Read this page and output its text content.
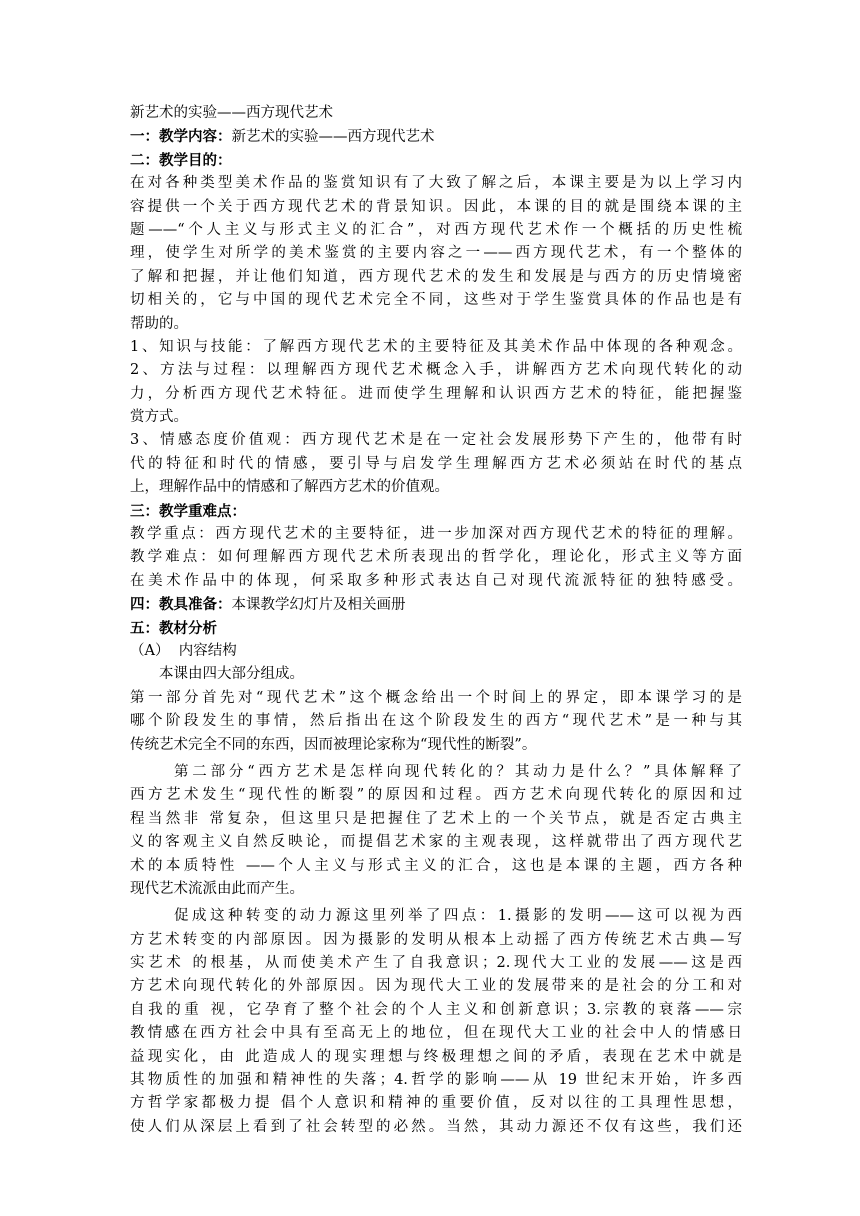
新艺术的实验——西方现代艺术
一：教学内容：新艺术的实验——西方现代艺术
二：教学目的：
在对各种类型美术作品的鉴赏知识有了大致了解之后，本课主要是为以上学习内
容提供一个关于西方现代艺术的背景知识。因此，本课的目的就是围绕本课的主
题——“个人主义与形式主义的汇合”，对西方现代艺术作一个概括的历史性梳
理，使学生对所学的美术鉴赏的主要内容之一——西方现代艺术，有一个整体的
了解和把握，并让他们知道，西方现代艺术的发生和发展是与西方的历史情境密
切相关的，它与中国的现代艺术完全不同，这些对于学生鉴赏具体的作品也是有
帮助的。
1、知识与技能：了解西方现代艺术的主要特征及其美术作品中体现的各种观念。
2、方法与过程：以理解西方现代艺术概念入手，讲解西方艺术向现代转化的动
力，分析西方现代艺术特征。进而使学生理解和认识西方艺术的特征，能把握鉴
赏方式。
3、情感态度价值观：西方现代艺术是在一定社会发展形势下产生的，他带有时
代的特征和时代的情感，要引导与启发学生理解西方艺术必须站在时代的基点
上，理解作品中的情感和了解西方艺术的价值观。
三：教学重难点：
教学重点：西方现代艺术的主要特征，进一步加深对西方现代艺术的特征的理解。
教学难点：如何理解西方现代艺术所表现出的哲学化，理论化，形式主义等方面
在美术作品中的体现，何采取多种形式表达自己对现代流派特征的独特感受。
四：教具准备：本课教学幻灯片及相关画册
五：教材分析
（A）  内容结构
本课由四大部分组成。
第一部分首先对“现代艺术”这个概念给出一个时间上的界定，即本课学习的是
哪个阶段发生的事情，然后指出在这个阶段发生的西方“现代艺术”是一种与其
传统艺术完全不同的东西，因而被理论家称为“现代性的断裂”。
第二部分“西方艺术是怎样向现代转化的？其动力是什么？”具体解释了
西方艺术发生“现代性的断裂”的原因和过程。西方艺术向现代转化的原因和过
程当然非 常复杂，但这里只是把握住了艺术上的一个关节点，就是否定古典主
义的客观主义自然反映论，而提倡艺术家的主观表现，这样就带出了西方现代艺
术的本质特性 ——个人主义与形式主义的汇合，这也是本课的主题，西方各种
现代艺术流派由此而产生。
促成这种转变的动力源这里列举了四点：1.摄影的发明——这可以视为西
方艺术转变的内部原因。因为摄影的发明从根本上动摇了西方传统艺术古典—写
实艺术 的根基，从而使美术产生了自我意识；2.现代大工业的发展——这是西
方艺术向现代转化的外部原因。因为现代大工业的发展带来的是社会的分工和对
自我的重 视，它孕育了整个社会的个人主义和创新意识；3.宗教的衰落——宗
教情感在西方社会中具有至高无上的地位，但在现代大工业的社会中人的情感日
益现实化，由 此造成人的现实理想与终极理想之间的矛盾，表现在艺术中就是
其物质性的加强和精神性的失落；4.哲学的影响——从 19 世纪末开始，许多西
方哲学家都极力提 倡个人意识和精神的重要价值，反对以往的工具理性思想，
使人们从深层上看到了社会转型的必然。当然，其动力源还不仅有这些，我们还
